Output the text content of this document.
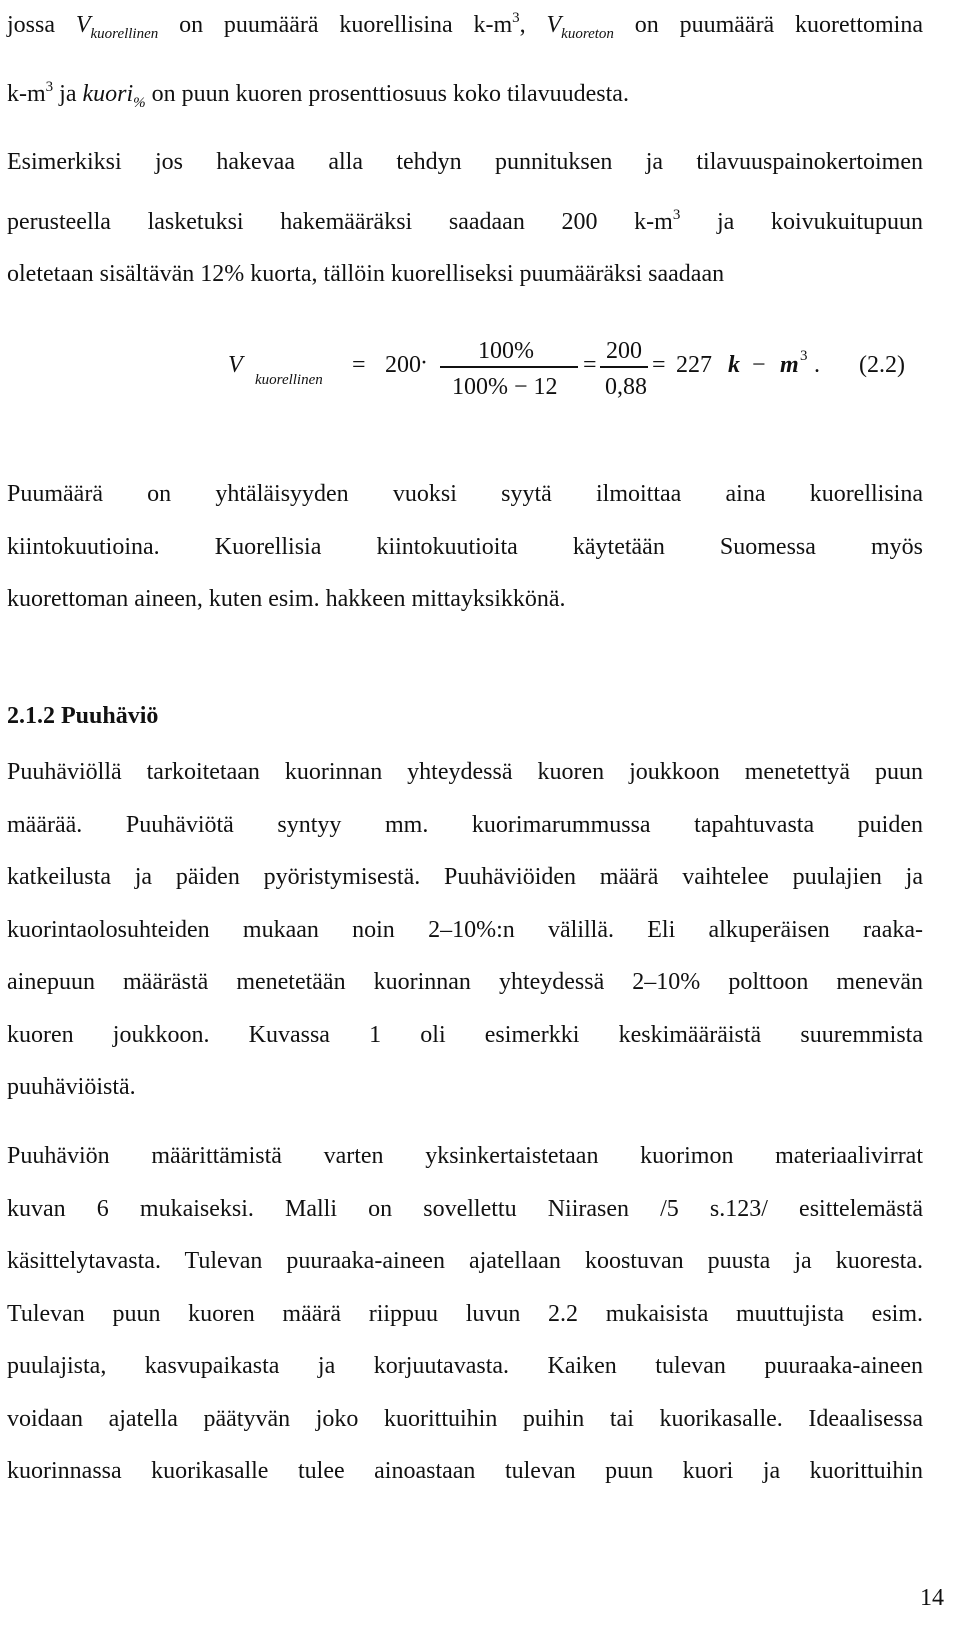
jossa $V_{kuorellinen}$ on puumäärä kuorellisina $k-m^3$, $V_{kuoreton}$ on puumäärä kuorettomina
$k-m^3$ ja kuori$_{\%}$ on puun kuoren prosenttiosuus koko tilavuudesta.
Esimerkiksi jos hakevaa alla tehdyn punnituksen ja tilavuuspainokertoimen
perusteella lasketuksi hakemääräksi saadaan 200 $k-m^3$ ja koivukuitupuun
oletetaan sisältävän 12% kuorta, tällöin kuorelliseksi puumääräksi saadaan
V
kuorellinen
= 200 · 100%
100% − 12
=
200
0,88
= 227 k − m 3 . (2.2)
Puumäärä on yhtäläisyyden vuoksi syytä ilmoittaa aina kuorellisina
kiintokuutioina. Kuorellisia kiintokuutioita käytetään Suomessa myös
kuorettoman aineen, kuten esim. hakkeen mittayksikkönä.
2.1.2 Puuhäviö
Puuhäviöllä tarkoitetaan kuorinnan yhteydessä kuoren joukkoon menetettyä puun
määrää. Puuhäviötä syntyy mm. kuorimarummussa tapahtuvasta puiden
katkeilusta ja päiden pyöristymisestä. Puuhäviöiden määrä vaihtelee puulajien ja
kuorintaolosuhteiden mukaan noin 2–10%:n välillä. Eli alkuperäisen raaka-
ainepuun määrästä menetetään kuorinnan yhteydessä 2–10% polttoon menevän
kuoren joukkoon. Kuvassa 1 oli esimerkki keskimääräistä suuremmista
puuhäviöistä.
Puuhäviön määrittämistä varten yksinkertaistetaan kuorimon materiaalivirrat
kuvan 6 mukaiseksi. Malli on sovellettu Niirasen /5 s.123/ esittelemästä
käsittelytavasta. Tulevan puuraaka-aineen ajatellaan koostuvan puusta ja kuoresta.
Tulevan puun kuoren määrä riippuu luvun 2.2 mukaisista muuttujista esim.
puulajista, kasvupaikasta ja korjuutavasta. Kaiken tulevan puuraaka-aineen
voidaan ajatella päätyvän joko kuorittuihin puihin tai kuorikasalle. Ideaalisessa
kuorinnassa kuorikasalle tulee ainoastaan tulevan puun kuori ja kuorittuihin
14
